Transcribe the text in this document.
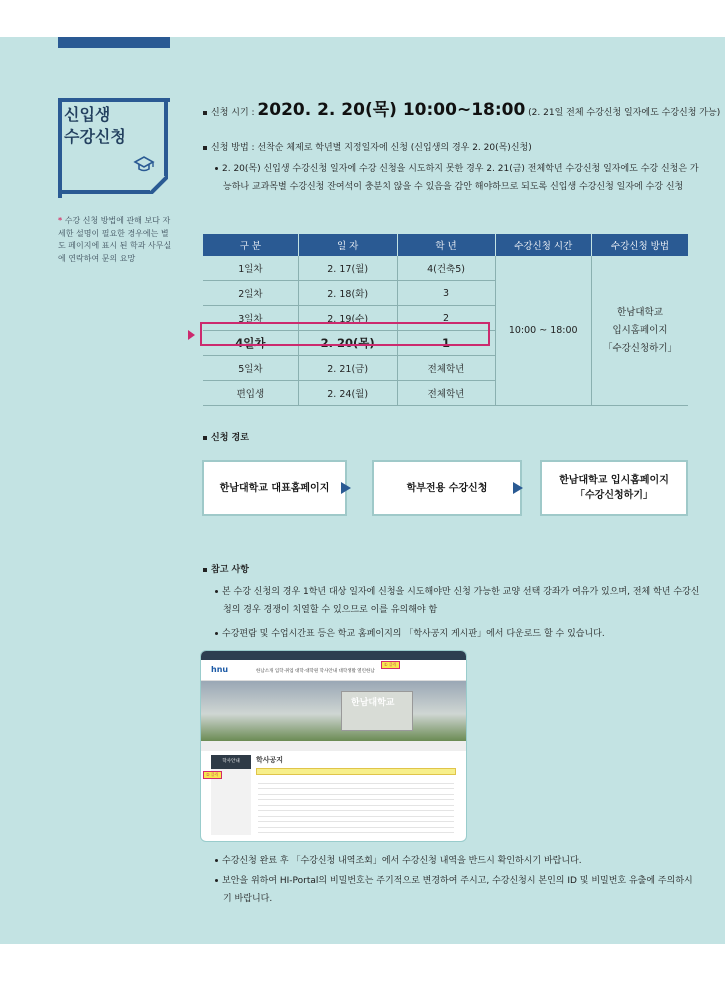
신입생
수강신청
* 수강 신청 방법에 관해 보다 자세한 설명이 필요한 경우에는 별도 페이지에 표시 된 학과 사무실에 연락하여 문의 요망
신청 시기 : 2020. 2. 20(목) 10:00~18:00 (2. 21일 전체 수강신청 일자에도 수강신청 가능)
신청 방법 : 선착순 체제로 학년별 지정일자에 신청 (신입생의 경우 2. 20(목)신청)
2. 20(목) 신입생 수강신청 일자에 수강 신청을 시도하지 못한 경우 2. 21(금) 전체학년 수강신청 일자에도 수강 신청은 가능하나 교과목별 수강신청 잔여석이 충분치 않을 수 있음을 감안 해야하므로 되도록 신입생 수강신청 일자에 수강 신청
구 분	일 자	학 년	수강신청 시간	수강신청 방법
1일차	2. 17(월)	4(건축5)	10:00 ~ 18:00	한남대학교
입시홈페이지
「수강신청하기」

2일차	2. 18(화)	3		
3일차	2. 19(수)	2		
4일차	2. 20(목)	1		
5일차	2. 21(금)	전체학년		
편입생	2. 24(월)	전체학년		
신청 경로
한남대학교 대표홈페이지	학부전용 수강신청
한남대학교 입시홈페이지
「수강신청하기」
참고 사항
본 수강 신청의 경우 1학년 대상 일자에 신청을 시도해야만 신청 가능한 교양 선택 강좌가 여유가 있으며, 전체 학년 수강신청의 경우 경쟁이 치열할 수 있으므로 이를 유의해야 함
수강편람 및 수업시간표 등은 학교 홈페이지의 「학사공지 게시판」에서 다운로드 할 수 있습니다.
hnu	한남소개 입학·취업 대학·대학원 학사안내 대학생활 열린한남
① 클릭
한남대학교
학사안내
② 클릭
학사공지
수강신청 완료 후 「수강신청 내역조회」에서 수강신청 내역을 반드시 확인하시기 바랍니다.
보안을 위하여 HI-Portal의 비밀번호는 주기적으로 변경하여 주시고, 수강신청시 본인의 ID 및 비밀번호 유출에 주의하시기 바랍니다.
